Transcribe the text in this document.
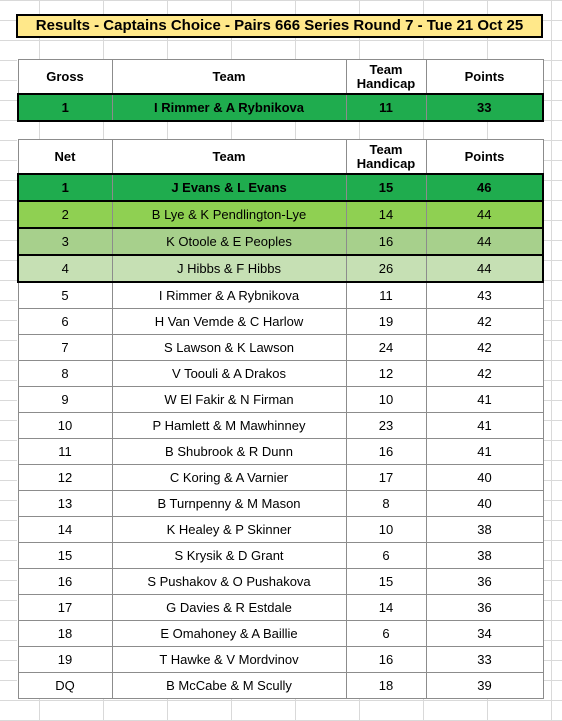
Results - Captains Choice - Pairs 666 Series Round 7 - Tue 21 Oct 25
Gross	Team	Team Handicap	Points
1	I Rimmer & A Rybnikova	11	33
Net	Team	Team Handicap	Points
1	J Evans & L Evans	15	46
2	B Lye & K Pendlington-Lye	14	44
3	K Otoole & E Peoples	16	44
4	J Hibbs & F Hibbs	26	44
5	I Rimmer & A Rybnikova	11	43
6	H Van Vemde & C Harlow	19	42
7	S Lawson & K Lawson	24	42
8	V Toouli & A Drakos	12	42
9	W El Fakir & N Firman	10	41
10	P Hamlett & M Mawhinney	23	41
11	B Shubrook & R Dunn	16	41
12	C Koring & A Varnier	17	40
13	B Turnpenny & M Mason	8	40
14	K Healey & P Skinner	10	38
15	S Krysik & D Grant	6	38
16	S Pushakov & O Pushakova	15	36
17	G Davies & R Estdale	14	36
18	E Omahoney & A Baillie	6	34
19	T Hawke & V Mordvinov	16	33
DQ	B McCabe & M Scully	18	39
